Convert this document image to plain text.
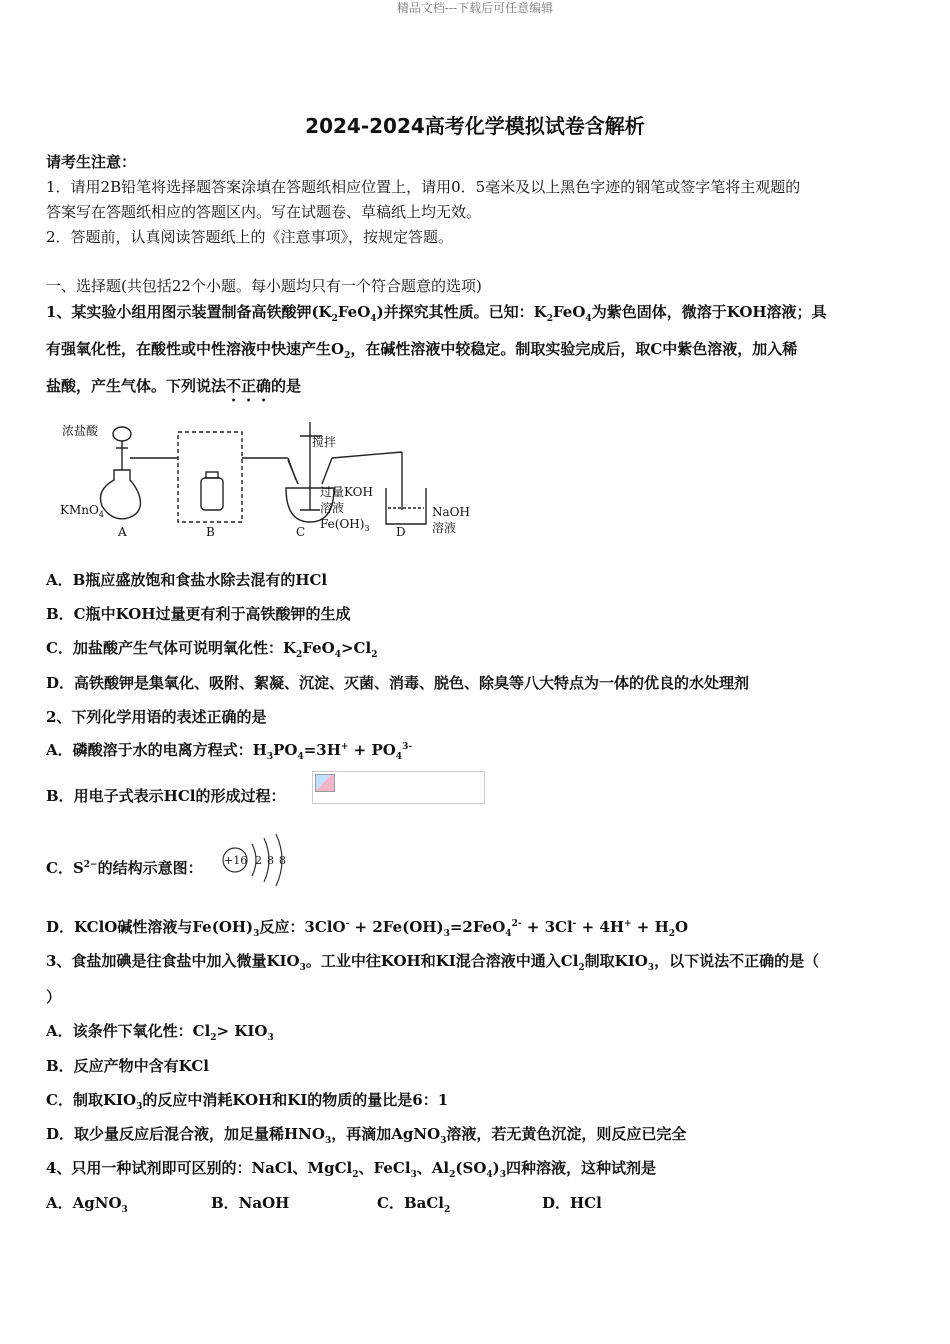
精品文档---下载后可任意编辑
2024-2024高考化学模拟试卷含解析
请考生注意：
1．请用2B铅笔将选择题答案涂填在答题纸相应位置上，请用0．5毫米及以上黑色字迹的钢笔或签字笔将主观题的
答案写在答题纸相应的答题区内。写在试题卷、草稿纸上均无效。
2．答题前，认真阅读答题纸上的《注意事项》，按规定答题。
一、选择题(共包括22个小题。每小题均只有一个符合题意的选项)
1、某实验小组用图示装置制备高铁酸钾$(K_2FeO_4)$并探究其性质。已知：$K_2FeO_4$为紫色固体，微溶于KOH溶液；具
有强氧化性，在酸性或中性溶液中快速产生$O_2$，在碱性溶液中较稳定。制取实验完成后，取C中紫色溶液，加入稀
盐酸，产生气体。下列说法不正确的是
浓盐酸
KMnO$_4$
A	B	C	D
搅拌
过量KOH
溶液
$Fe(OH)_3$
NaOH
溶液
A．B瓶应盛放饱和食盐水除去混有的HCl
B．C瓶中KOH过量更有利于高铁酸钾的生成
C．加盐酸产生气体可说明氧化性：$K_2FeO_4>Cl_2$
D．高铁酸钾是集氧化、吸附、絮凝、沉淀、灭菌、消毒、脱色、除臭等八大特点为一体的优良的水处理剂
2、下列化学用语的表述正确的是
A．磷酸溶于水的电离方程式：$H_3PO_4=3H^+ + PO_4^{3-}$
B．用电子式表示HCl的形成过程：
C．$S^{2-}$的结构示意图： +16 2 8 8
D．KClO碱性溶液与$Fe(OH)_3$反应：$3ClO^- + 2Fe(OH)_3=2FeO_4^{2-} + 3Cl^- + 4H^+ + H_2O$
3、食盐加碘是往食盐中加入微量$KIO_3$。工业中往KOH和KI混合溶液中通入$Cl_2$制取$KIO_3$，以下说法不正确的是（
）
A．该条件下氧化性：$Cl_2> KIO_3$
B．反应产物中含有KCl
C．制取$KIO_3$的反应中消耗KOH和KI的物质的量比是6：1
D．取少量反应后混合液，加足量稀$HNO_3$，再滴加AgNO$_3$溶液，若无黄色沉淀，则反应已完全
4、只用一种试剂即可区别的：NaCl、MgCl$_2$、FeCl$_3$、$Al_2(SO_4)_3$四种溶液，这种试剂是
A．AgNO$_3$	B．NaOH	C．BaCl$_2$	D．HCl
